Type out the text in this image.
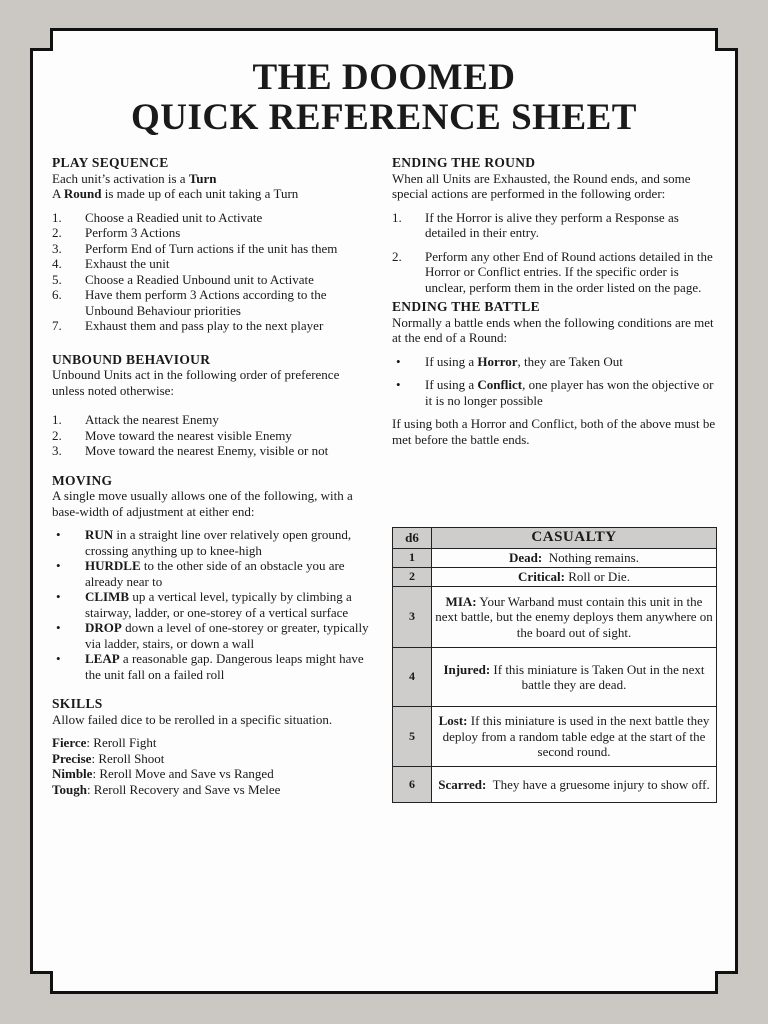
THE DOOMED
QUICK REFERENCE SHEET
PLAY SEQUENCE

Each unit’s activation is a Turn

A Round is made up of each unit taking a Turn

1. Choose a Readied unit to Activate
2. Perform 3 Actions
3. Perform End of Turn actions if the unit has them
4. Exhaust the unit
5. Choose a Readied Unbound unit to Activate
6. Have them perform 3 Actions according to the Unbound Behaviour priorities
7. Exhaust them and pass play to the next player
UNBOUND BEHAVIOUR

Unbound Units act in the following order of preference unless noted otherwise:

1. Attack the nearest Enemy
2. Move toward the nearest visible Enemy
3. Move toward the nearest Enemy, visible or not
MOVING

A single move usually allows one of the following, with a base-width of adjustment at either end:

• RUN in a straight line over relatively open ground, crossing anything up to knee-high
• HURDLE to the other side of an obstacle you are already near to
• CLIMB up a vertical level, typically by climbing a stairway, ladder, or one-storey of a vertical surface
• DROP down a level of one-storey or greater, typically via ladder, stairs, or down a wall
• LEAP a reasonable gap. Dangerous leaps might have the unit fall on a failed roll
SKILLS

Allow failed dice to be rerolled in a specific situation.

Fierce: Reroll Fight

Precise: Reroll Shoot

Nimble: Reroll Move and Save vs Ranged

Tough: Reroll Recovery and Save vs Melee

ENDING THE ROUND

When all Units are Exhausted, the Round ends, and some special actions are performed in the following order:

1. If the Horror is alive they perform a Response as detailed in their entry.
2. Perform any other End of Round actions detailed in the Horror or Conflict entries. If the specific order is unclear, perform them in the order listed on the page.
ENDING THE BATTLE

Normally a battle ends when the following conditions are met at the end of a Round:

• If using a Horror, they are Taken Out
• If using a Conflict, one player has won the objective or it is no longer possible

If using both a Horror and Conflict, both of the above must be met before the battle ends.

d6	CASUALTY
1	Dead:  Nothing remains.
2	Critical: Roll or Die.
3	MIA: Your Warband must contain this unit in the next battle, but the enemy deploys them anywhere on the board out of sight.
4	Injured: If this miniature is Taken Out in the next battle they are dead.
5	Lost: If this miniature is used in the next battle they deploy from a random table edge at the start of the second round.
6	Scarred:  They have a gruesome injury to show off.
